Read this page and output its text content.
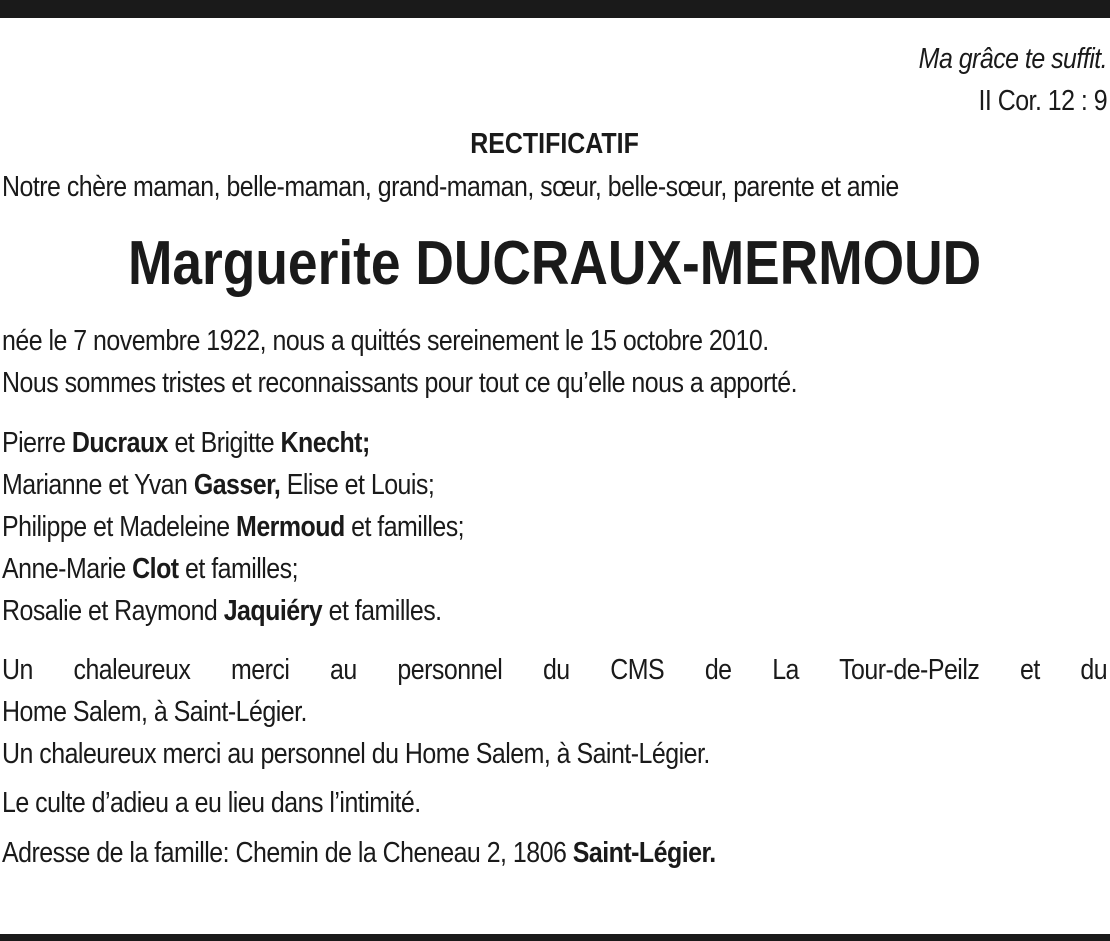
Ma grâce te suffit.
II Cor. 12 : 9
RECTIFICATIF
Notre chère maman, belle-maman, grand-maman, sœur, belle-sœur, parente et amie
Marguerite DUCRAUX-MERMOUD
née le 7 novembre 1922, nous a quittés sereinement le 15 octobre 2010.
Nous sommes tristes et reconnaissants pour tout ce qu’elle nous a apporté.
Pierre Ducraux et Brigitte Knecht;
Marianne et Yvan Gasser, Elise et Louis;
Philippe et Madeleine Mermoud et familles;
Anne-Marie Clot et familles;
Rosalie et Raymond Jaquiéry et familles.
Un chaleureux merci au personnel du CMS de La Tour-de-Peilz et du
Home Salem, à Saint-Légier.
Un chaleureux merci au personnel du Home Salem, à Saint-Légier.
Le culte d’adieu a eu lieu dans l’intimité.
Adresse de la famille: Chemin de la Cheneau 2, 1806 Saint-Légier.
